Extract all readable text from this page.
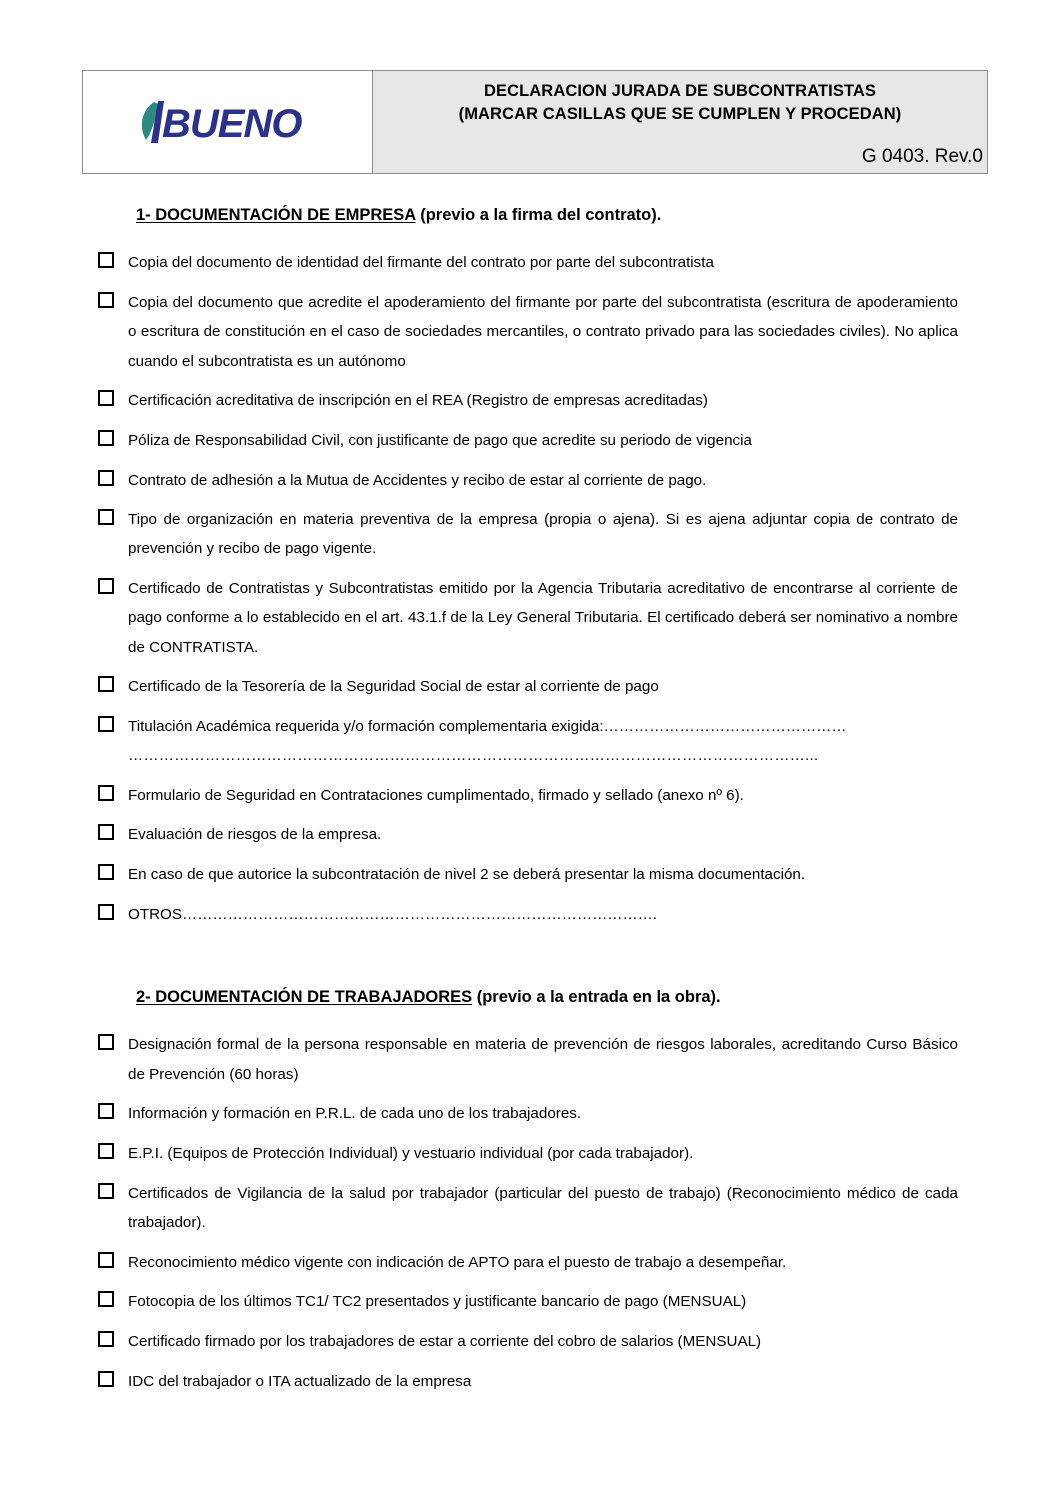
BUENO

DECLARACION JURADA DE SUBCONTRATISTAS
(MARCAR CASILLAS QUE SE CUMPLEN Y PROCEDAN)
G 0403. Rev.0
1- DOCUMENTACIÓN DE EMPRESA (previo a la firma del contrato).
Copia del documento de identidad del firmante del contrato por parte del subcontratista
Copia del documento que acredite el apoderamiento del firmante por parte del subcontratista (escritura de apoderamiento o escritura de constitución en el caso de sociedades mercantiles, o contrato privado para las sociedades civiles). No aplica cuando el subcontratista es un autónomo
Certificación acreditativa de inscripción en el REA (Registro de empresas acreditadas)
Póliza de Responsabilidad Civil, con justificante de pago que acredite su periodo de vigencia
Contrato de adhesión a la Mutua de Accidentes y recibo de estar al corriente de pago.
Tipo de organización en materia preventiva de la empresa (propia o ajena). Si es ajena adjuntar copia de contrato de prevención y recibo de pago vigente.
Certificado de Contratistas y Subcontratistas emitido por la Agencia Tributaria acreditativo de encontrarse al corriente de pago conforme a lo establecido en el art. 43.1.f de la Ley General Tributaria. El certificado deberá ser nominativo a nombre de CONTRATISTA.
Certificado de la Tesorería de la Seguridad Social de estar al corriente de pago
Titulación Académica requerida y/o formación complementaria exigida:…………………………………………
……………………………………………………………………………………………………………………...
Formulario de Seguridad en Contrataciones cumplimentado, firmado y sellado (anexo nº 6).
Evaluación de riesgos de la empresa.
En caso de que autorice la subcontratación de nivel 2 se deberá presentar la misma documentación.
OTROS………………………………………………………………………………….
2- DOCUMENTACIÓN DE TRABAJADORES (previo a la entrada en la obra).
Designación formal de la persona responsable en materia de prevención de riesgos laborales, acreditando Curso Básico de Prevención (60 horas)
Información y formación en P.R.L. de cada uno de los trabajadores.
E.P.I. (Equipos de Protección Individual) y vestuario individual (por cada trabajador).
Certificados de Vigilancia de la salud por trabajador (particular del puesto de trabajo) (Reconocimiento médico de cada trabajador).
Reconocimiento médico vigente con indicación de APTO para el puesto de trabajo a desempeñar.
Fotocopia de los últimos TC1/ TC2 presentados y justificante bancario de pago (MENSUAL)
Certificado firmado por los trabajadores de estar a corriente del cobro de salarios (MENSUAL)
IDC del trabajador o ITA actualizado de la empresa
